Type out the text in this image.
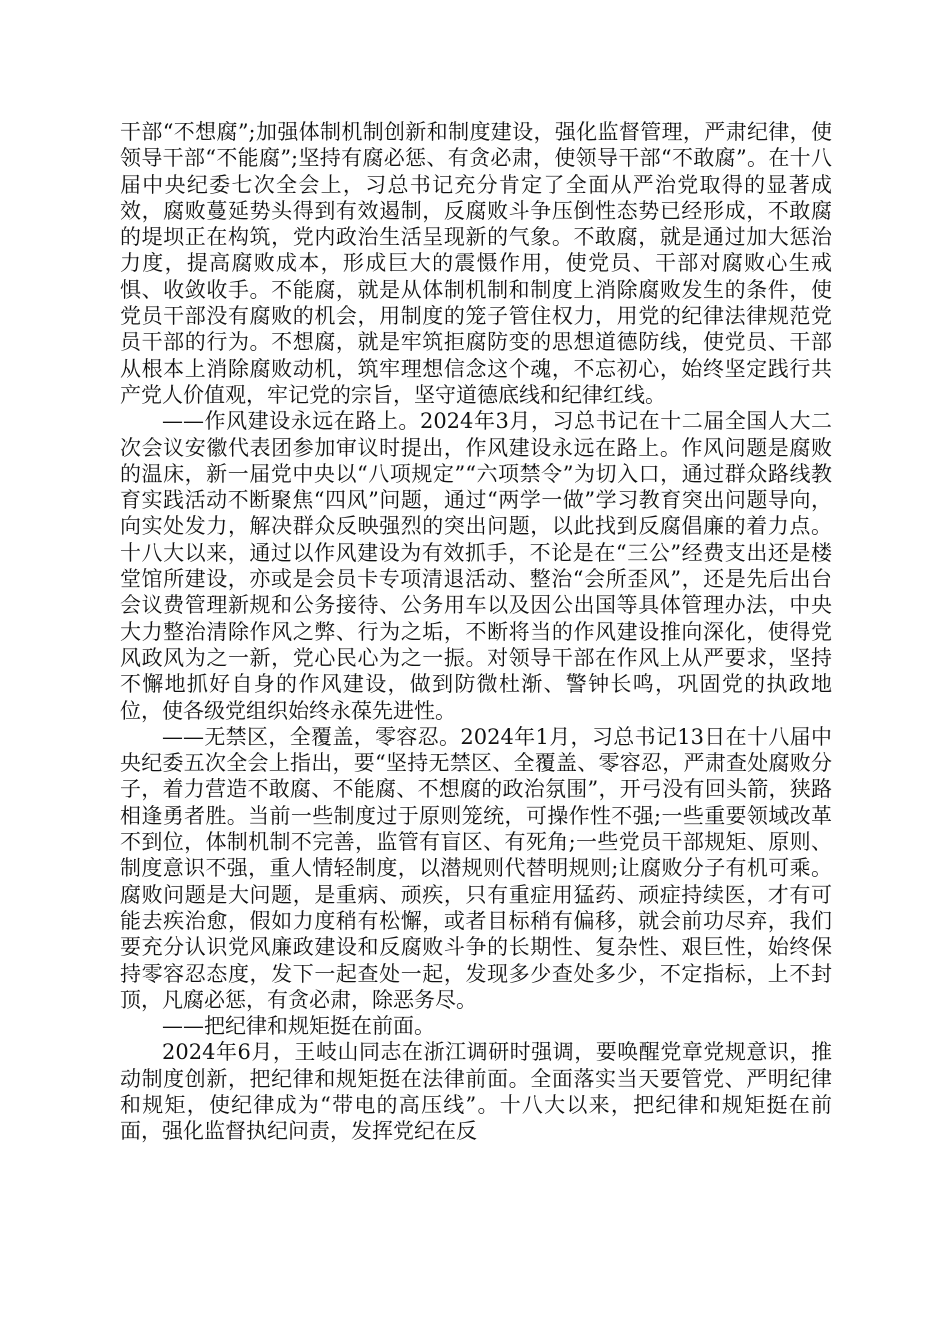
干部“不想腐”;加强体制机制创新和制度建设，强化监督管理，严肃纪律，使领导干部“不能腐”;坚持有腐必惩、有贪必肃，使领导干部“不敢腐”。在十八届中央纪委七次全会上，习总书记充分肯定了全面从严治党取得的显著成效，腐败蔓延势头得到有效遏制，反腐败斗争压倒性态势已经形成，不敢腐的堤坝正在构筑，党内政治生活呈现新的气象。不敢腐，就是通过加大惩治力度，提高腐败成本，形成巨大的震慑作用，使党员、干部对腐败心生戒惧、收敛收手。不能腐，就是从体制机制和制度上消除腐败发生的条件，使党员干部没有腐败的机会，用制度的笼子管住权力，用党的纪律法律规范党员干部的行为。不想腐，就是牢筑拒腐防变的思想道德防线，使党员、干部从根本上消除腐败动机，筑牢理想信念这个魂，不忘初心，始终坚定践行共产党人价值观，牢记党的宗旨，坚守道德底线和纪律红线。

——作风建设永远在路上。2024年3月，习总书记在十二届全国人大二次会议安徽代表团参加审议时提出，作风建设永远在路上。作风问题是腐败的温床，新一届党中央以“八项规定”“六项禁令”为切入口，通过群众路线教育实践活动不断聚焦“四风”问题，通过“两学一做”学习教育突出问题导向，向实处发力，解决群众反映强烈的突出问题，以此找到反腐倡廉的着力点。十八大以来，通过以作风建设为有效抓手，不论是在“三公”经费支出还是楼堂馆所建设，亦或是会员卡专项清退活动、整治“会所歪风”，还是先后出台会议费管理新规和公务接待、公务用车以及因公出国等具体管理办法，中央大力整治清除作风之弊、行为之垢，不断将当的作风建设推向深化，使得党风政风为之一新，党心民心为之一振。对领导干部在作风上从严要求，坚持不懈地抓好自身的作风建设，做到防微杜渐、警钟长鸣，巩固党的执政地位，使各级党组织始终永葆先进性。

——无禁区，全覆盖，零容忍。2024年1月，习总书记13日在十八届中央纪委五次全会上指出，要“坚持无禁区、全覆盖、零容忍，严肃查处腐败分子，着力营造不敢腐、不能腐、不想腐的政治氛围”，开弓没有回头箭，狭路相逢勇者胜。当前一些制度过于原则笼统，可操作性不强;一些重要领域改革不到位，体制机制不完善，监管有盲区、有死角;一些党员干部规矩、原则、制度意识不强，重人情轻制度，以潜规则代替明规则;让腐败分子有机可乘。腐败问题是大问题，是重病、顽疾，只有重症用猛药、顽症持续医，才有可能去疾治愈，假如力度稍有松懈，或者目标稍有偏移，就会前功尽弃，我们要充分认识党风廉政建设和反腐败斗争的长期性、复杂性、艰巨性，始终保持零容忍态度，发下一起查处一起，发现多少查处多少，不定指标，上不封顶，凡腐必惩，有贪必肃，除恶务尽。

——把纪律和规矩挺在前面。

2024年6月，王岐山同志在浙江调研时强调，要唤醒党章党规意识，推动制度创新，把纪律和规矩挺在法律前面。全面落实当天要管党、严明纪律和规矩，使纪律成为“带电的高压线”。十八大以来，把纪律和规矩挺在前面，强化监督执纪问责，发挥党纪在反
